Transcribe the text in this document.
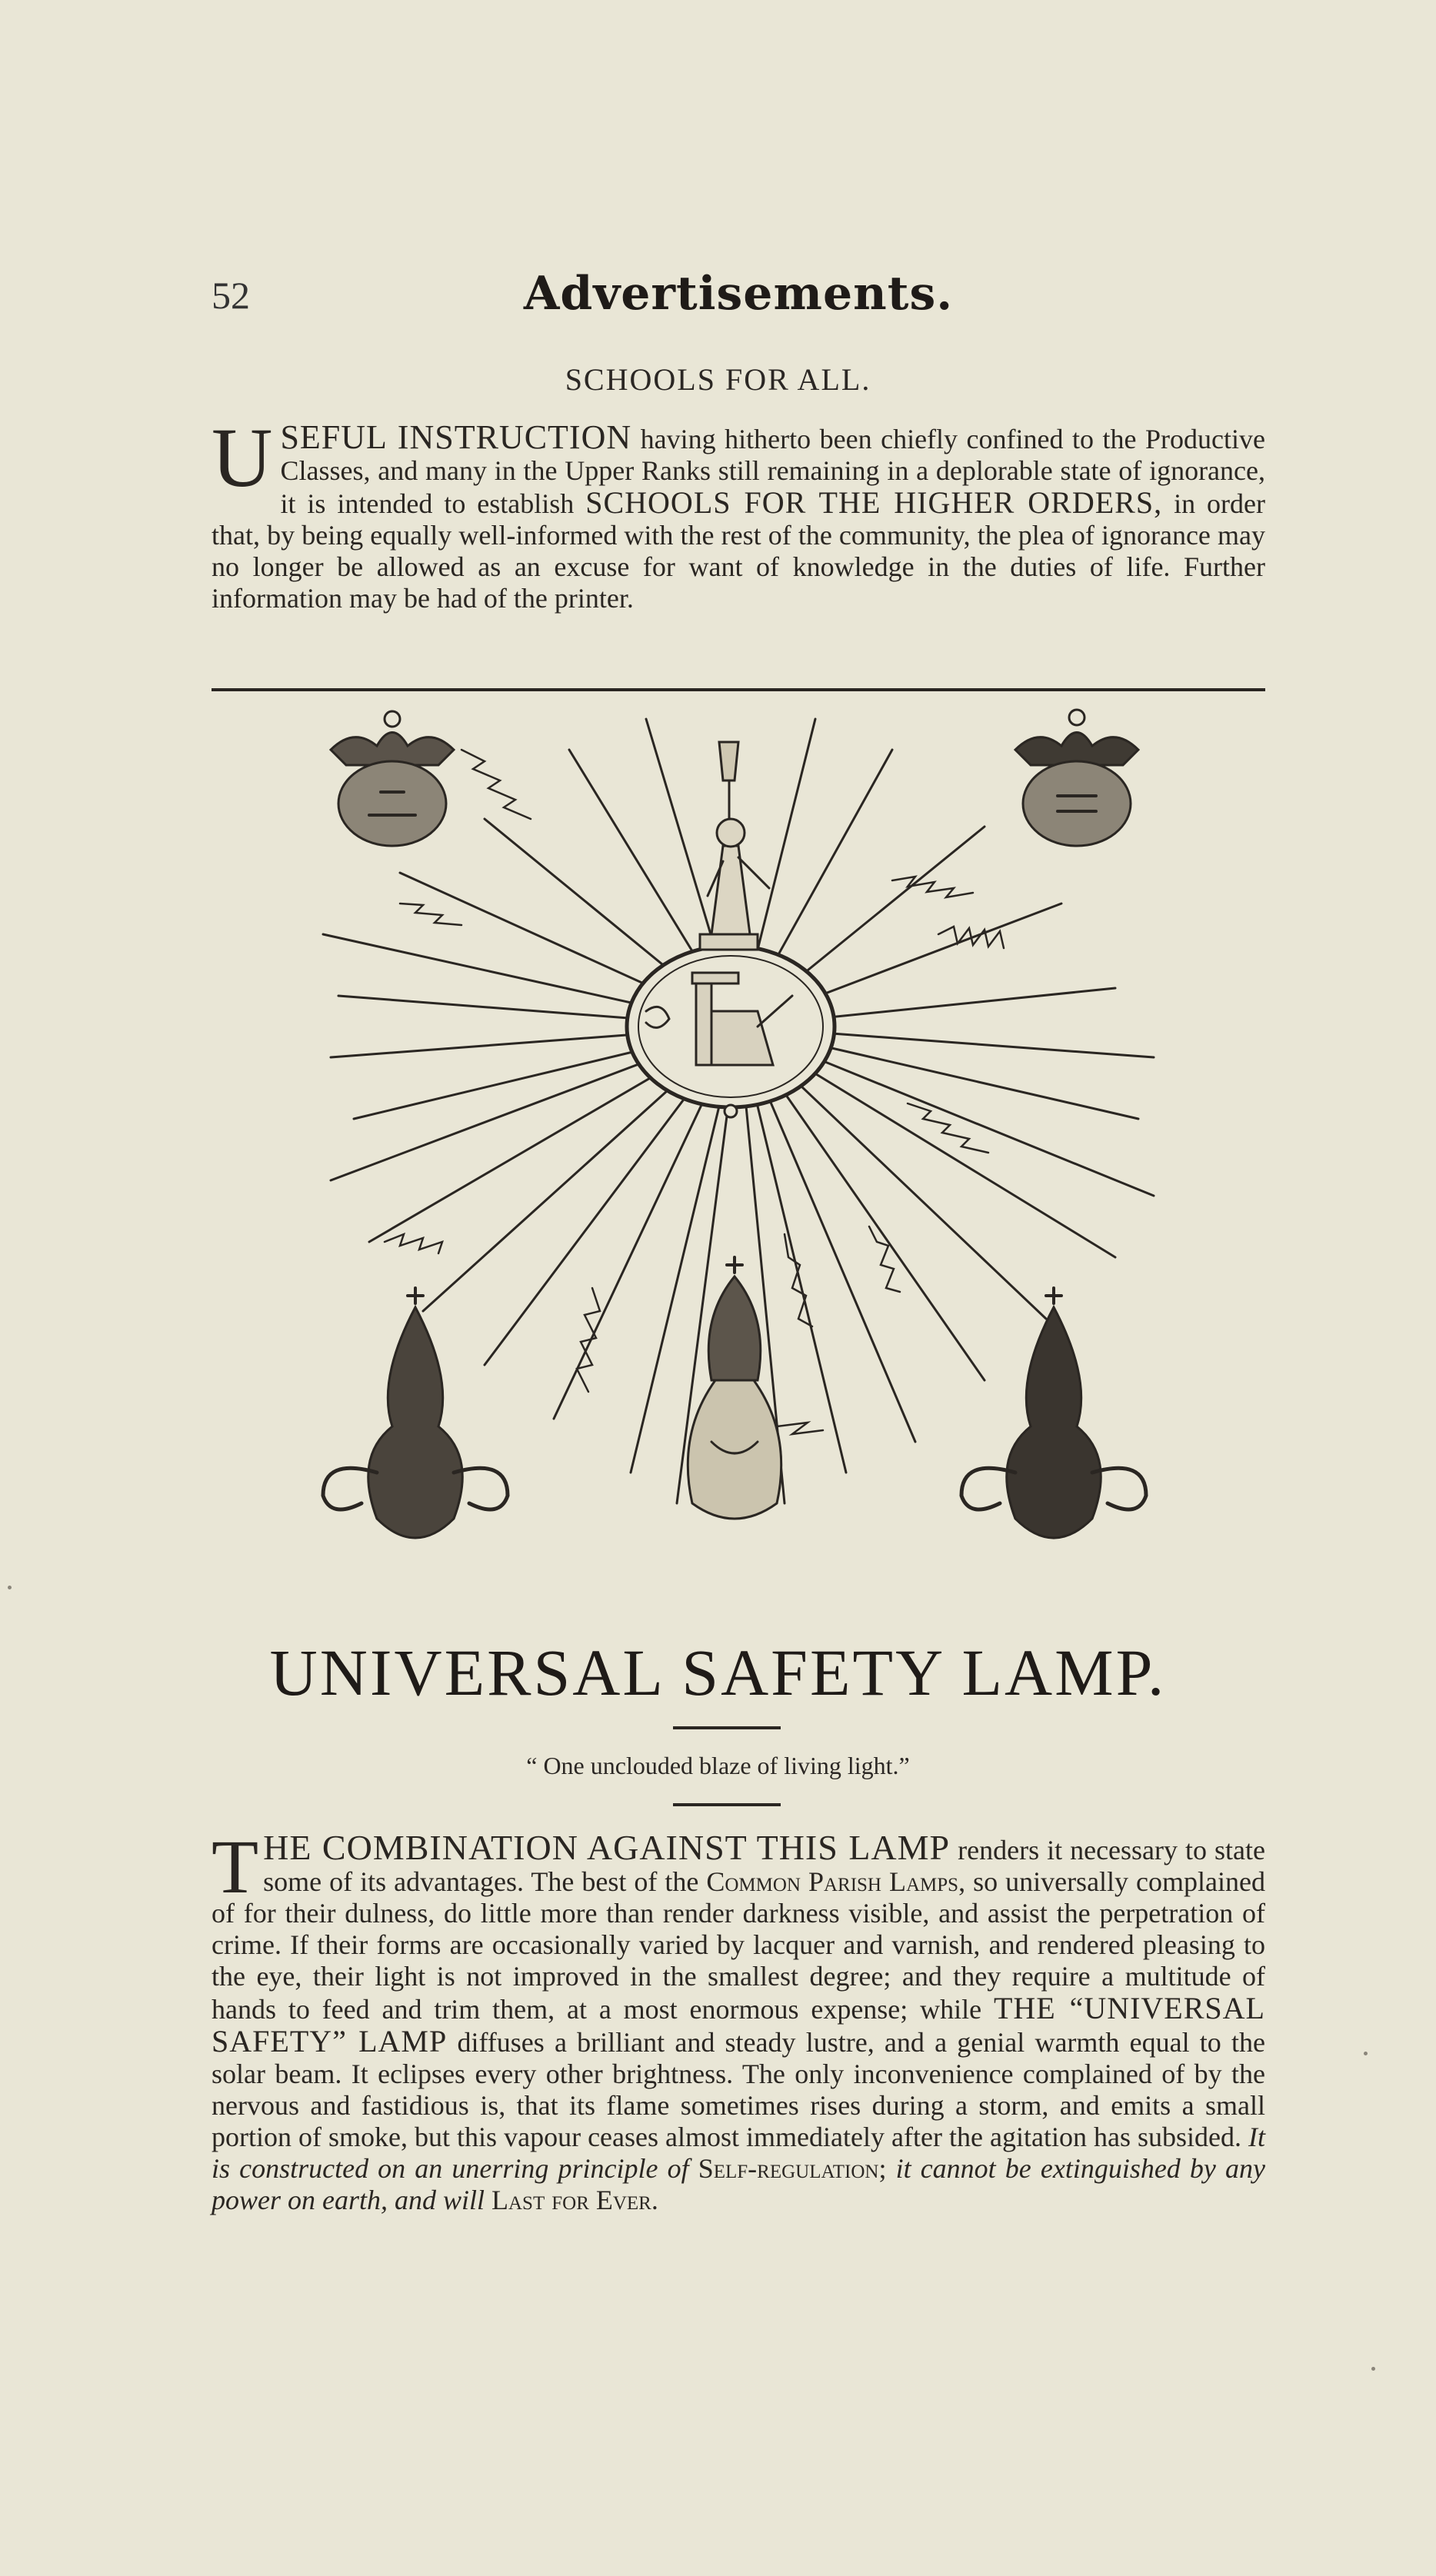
52	Advertisements.
SCHOOLS FOR ALL.
USEFUL INSTRUCTION having hitherto been chiefly confined to the Productive Classes, and many in the Upper Ranks still remaining in a deplorable state of ignorance, it is intended to establish SCHOOLS FOR THE HIGHER ORDERS, in order that, by being equally well-informed with the rest of the community, the plea of ignorance may no longer be allowed as an excuse for want of knowledge in the duties of life. Further information may be had of the printer.
UNIVERSAL SAFETY LAMP.
“ One unclouded blaze of living light.”
THE COMBINATION AGAINST THIS LAMP renders it necessary to state some of its advantages. The best of the Common Parish Lamps, so universally complained of for their dulness, do little more than render darkness visible, and assist the perpetration of crime. If their forms are occasionally varied by lacquer and varnish, and rendered pleasing to the eye, their light is not improved in the smallest degree; and they require a multitude of hands to feed and trim them, at a most enormous expense; while THE “UNIVERSAL SAFETY” LAMP diffuses a brilliant and steady lustre, and a genial warmth equal to the solar beam. It eclipses every other brightness. The only inconvenience complained of by the nervous and fastidious is, that its flame sometimes rises during a storm, and emits a small portion of smoke, but this vapour ceases almost immediately after the agitation has subsided. It is constructed on an unerring principle of Self-regulation; it cannot be extinguished by any power on earth, and will Last for Ever.
